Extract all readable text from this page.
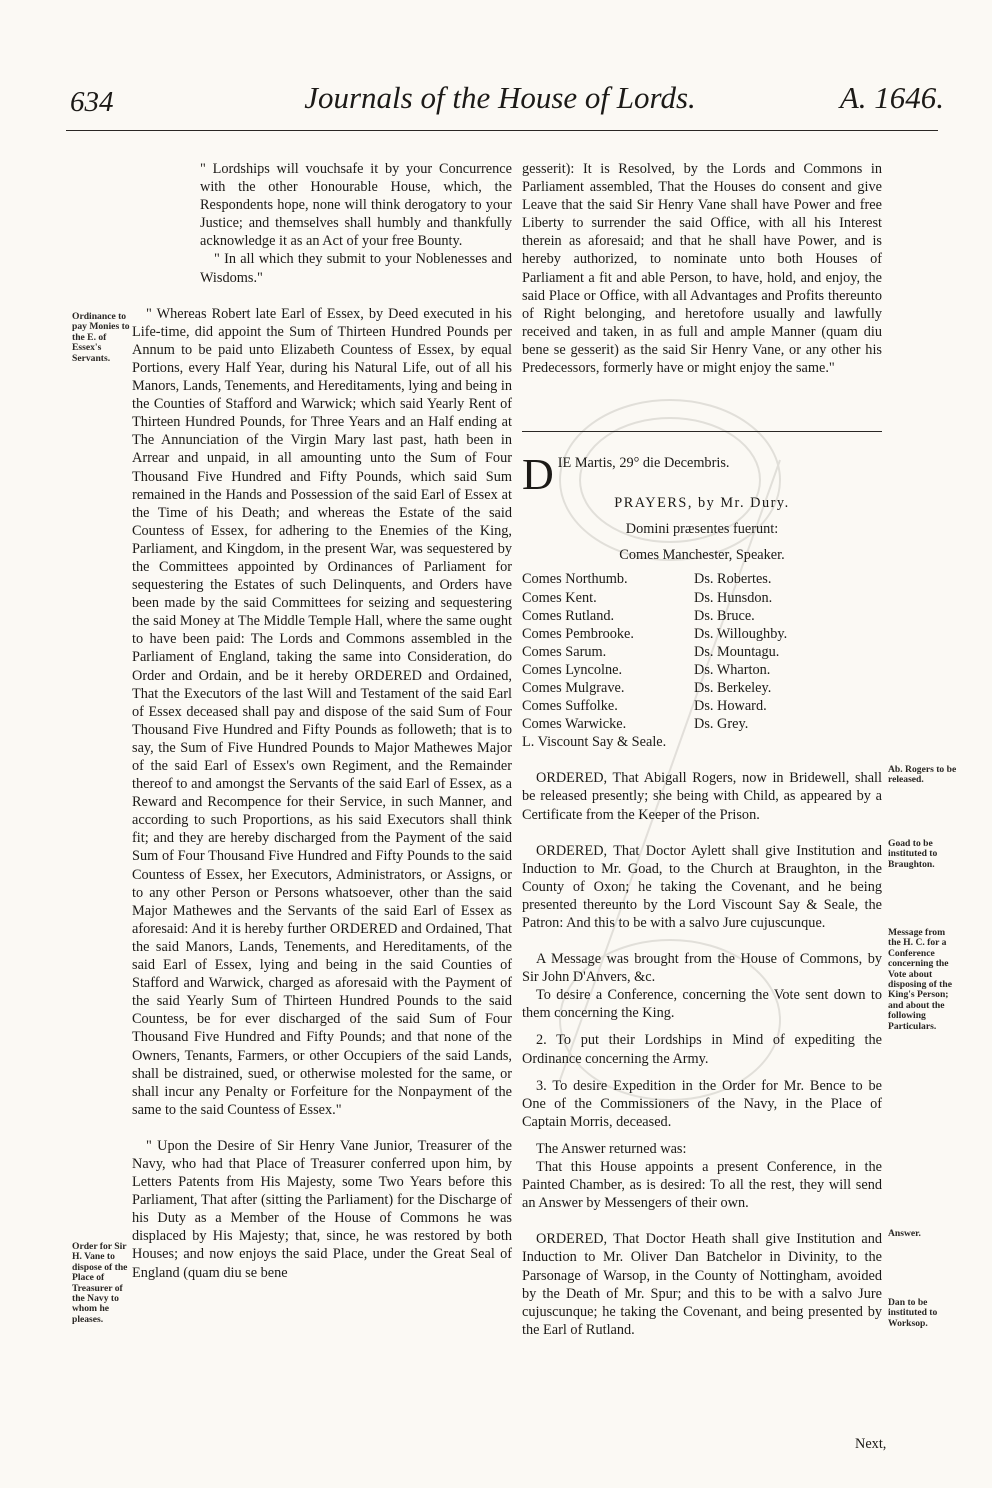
634	Journals of the House of Lords.	A. 1646.
Ordinance to pay Monies to the E. of Essex's Servants.
Order for Sir H. Vane to dispose of the Place of Treasurer of the Navy to whom he pleases.
Ab. Rogers to be released.
Goad to be instituted to Braughton.
Message from the H. C. for a Conference concerning the Vote about disposing of the King's Person; and about the following Particulars.
Answer.
Dan to be instituted to Worksop.

" Lordships will vouchsafe it by your Concurrence with the other Honourable House, which, the Respondents hope, none will think derogatory to your Justice; and themselves shall humbly and thankfully acknowledge it as an Act of your free Bounty.

" In all which they submit to your Noblenesses and Wisdoms."

" Whereas Robert late Earl of Essex, by Deed executed in his Life-time, did appoint the Sum of Thirteen Hundred Pounds per Annum to be paid unto Elizabeth Countess of Essex, by equal Portions, every Half Year, during his Natural Life, out of all his Manors, Lands, Tenements, and Hereditaments, lying and being in the Counties of Stafford and Warwick; which said Yearly Rent of Thirteen Hundred Pounds, for Three Years and an Half ending at The Annunciation of the Virgin Mary last past, hath been in Arrear and unpaid, in all amounting unto the Sum of Four Thousand Five Hundred and Fifty Pounds, which said Sum remained in the Hands and Possession of the said Earl of Essex at the Time of his Death; and whereas the Estate of the said Countess of Essex, for adhering to the Enemies of the King, Parliament, and Kingdom, in the present War, was sequestered by the Committees appointed by Ordinances of Parliament for sequestering the Estates of such Delinquents, and Orders have been made by the said Committees for seizing and sequestering the said Money at The Middle Temple Hall, where the same ought to have been paid: The Lords and Commons assembled in the Parliament of England, taking the same into Consideration, do Order and Ordain, and be it hereby ORDERED and Ordained, That the Executors of the last Will and Testament of the said Earl of Essex deceased shall pay and dispose of the said Sum of Four Thousand Five Hundred and Fifty Pounds as followeth; that is to say, the Sum of Five Hundred Pounds to Major Mathewes Major of the said Earl of Essex's own Regiment, and the Remainder thereof to and amongst the Servants of the said Earl of Essex, as a Reward and Recompence for their Service, in such Manner, and according to such Proportions, as his said Executors shall think fit; and they are hereby discharged from the Payment of the said Sum of Four Thousand Five Hundred and Fifty Pounds to the said Countess of Essex, her Executors, Administrators, or Assigns, or to any other Person or Persons whatsoever, other than the said Major Mathewes and the Servants of the said Earl of Essex as aforesaid: And it is hereby further ORDERED and Ordained, That the said Manors, Lands, Tenements, and Hereditaments, of the said Earl of Essex, lying and being in the said Counties of Stafford and Warwick, charged as aforesaid with the Payment of the said Yearly Sum of Thirteen Hundred Pounds to the said Countess, be for ever discharged of the said Sum of Four Thousand Five Hundred and Fifty Pounds; and that none of the Owners, Tenants, Farmers, or other Occupiers of the said Lands, shall be distrained, sued, or otherwise molested for the same, or shall incur any Penalty or Forfeiture for the Nonpayment of the same to the said Countess of Essex."

" Upon the Desire of Sir Henry Vane Junior, Treasurer of the Navy, who had that Place of Treasurer conferred upon him, by Letters Patents from His Majesty, some Two Years before this Parliament, That after (sitting the Parliament) for the Discharge of his Duty as a Member of the House of Commons he was displaced by His Majesty; that, since, he was restored by both Houses; and now enjoys the said Place, under the Great Seal of England (quam diu se bene

gesserit): It is Resolved, by the Lords and Commons in Parliament assembled, That the Houses do consent and give Leave that the said Sir Henry Vane shall have Power and free Liberty to surrender the said Office, with all his Interest therein as aforesaid; and that he shall have Power, and is hereby authorized, to nominate unto both Houses of Parliament a fit and able Person, to have, hold, and enjoy, the said Place or Office, with all Advantages and Profits thereunto of Right belonging, and heretofore usually and lawfully received and taken, in as full and ample Manner (quam diu bene se gesserit) as the said Sir Henry Vane, or any other his Predecessors, formerly have or might enjoy the same."

D IE Martis, 29° die Decembris.

PRAYERS, by Mr. Dury.

Domini præsentes fuerunt:

Comes Manchester, Speaker.

Comes Northumb.	Ds. Robertes.
Comes Kent.	Ds. Hunsdon.
Comes Rutland.	Ds. Bruce.
Comes Pembrooke.	Ds. Willoughby.
Comes Sarum.	Ds. Mountagu.
Comes Lyncolne.	Ds. Wharton.
Comes Mulgrave.	Ds. Berkeley.
Comes Suffolke.	Ds. Howard.
Comes Warwicke.	Ds. Grey.

L. Viscount Say & Seale.

ORDERED, That Abigall Rogers, now in Bridewell, shall be released presently; she being with Child, as appeared by a Certificate from the Keeper of the Prison.

ORDERED, That Doctor Aylett shall give Institution and Induction to Mr. Goad, to the Church at Braughton, in the County of Oxon; he taking the Covenant, and he being presented thereunto by the Lord Viscount Say & Seale, the Patron: And this to be with a salvo Jure cujuscunque.

A Message was brought from the House of Commons, by Sir John D'Anvers, &c.

To desire a Conference, concerning the Vote sent down to them concerning the King.

2. To put their Lordships in Mind of expediting the Ordinance concerning the Army.

3. To desire Expedition in the Order for Mr. Bence to be One of the Commissioners of the Navy, in the Place of Captain Morris, deceased.

The Answer returned was:

That this House appoints a present Conference, in the Painted Chamber, as is desired: To all the rest, they will send an Answer by Messengers of their own.

ORDERED, That Doctor Heath shall give Institution and Induction to Mr. Oliver Dan Batchelor in Divinity, to the Parsonage of Warsop, in the County of Nottingham, avoided by the Death of Mr. Spur; and this to be with a salvo Jure cujuscunque; he taking the Covenant, and being presented by the Earl of Rutland.

Next,
